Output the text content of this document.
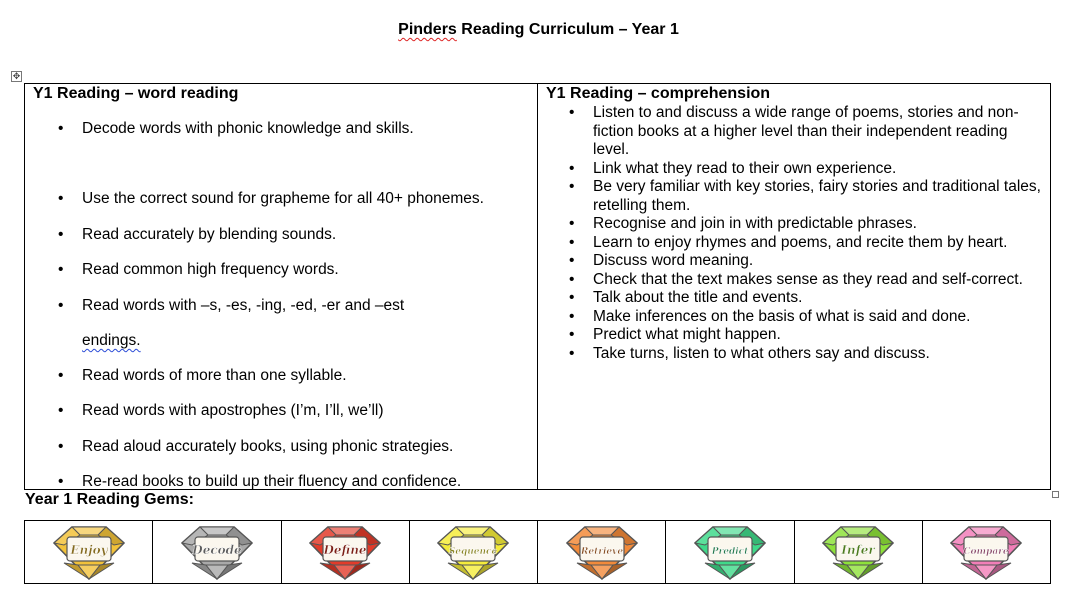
Pinders Reading Curriculum – Year 1
✥
Y1 Reading – word reading
• Decode words with phonic knowledge and skills.
• Use the correct sound for grapheme for all 40+ phonemes.
• Read accurately by blending sounds.
• Read common high frequency words.
• Read words with –s, -es, -ing, -ed, -er and –est
endings.
• Read words of more than one syllable.
• Read words with apostrophes (I’m, I’ll, we’ll)
• Read aloud accurately books, using phonic strategies.
• Re-read books to build up their fluency and confidence.
Y1 Reading – comprehension
• Listen to and discuss a wide range of poems, stories and non-fiction books at a higher level than their independent reading level.
• Link what they read to their own experience.
• Be very familiar with key stories, fairy stories and traditional tales, retelling them.
• Recognise and join in with predictable phrases.
• Learn to enjoy rhymes and poems, and recite them by heart.
• Discuss word meaning.
• Check that the text makes sense as they read and self-correct.
• Talk about the title and events.
• Make inferences on the basis of what is said and done.
• Predict what might happen.
• Take turns, listen to what others say and discuss.
Year 1 Reading Gems:
Enjoy	Decode	Define	Sequence	Retrieve	Predict	Infer	Compare
